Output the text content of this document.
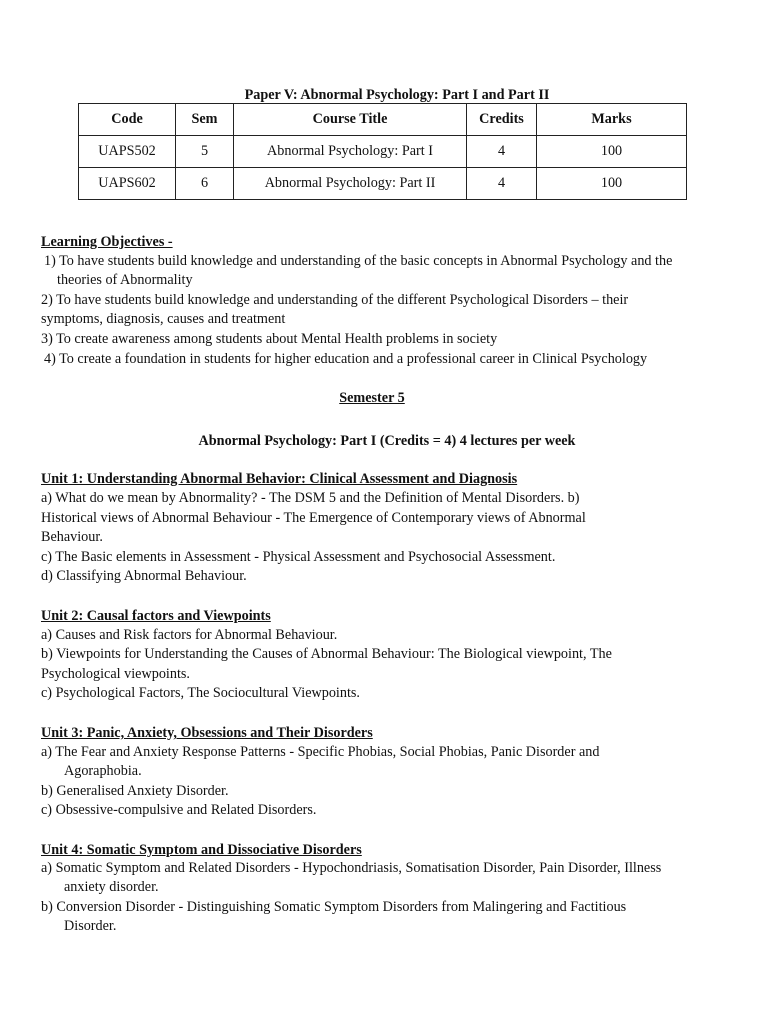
Paper V: Abnormal Psychology: Part I and Part II
Code	Sem	Course Title	Credits	Marks
UAPS502	5	Abnormal Psychology: Part I	4	100
UAPS602	6	Abnormal Psychology: Part II	4	100
Learning Objectives -
1) To have students build knowledge and understanding of the basic concepts in Abnormal Psychology and the
theories of Abnormality
2) To have students build knowledge and understanding of the different Psychological Disorders – their
symptoms, diagnosis, causes and treatment
3) To create awareness among students about Mental Health problems in society
4) To create a foundation in students for higher education and a professional career in Clinical Psychology
Semester 5
Abnormal Psychology: Part I (Credits = 4) 4 lectures per week
Unit 1: Understanding Abnormal Behavior: Clinical Assessment and Diagnosis
a) What do we mean by Abnormality? - The DSM 5 and the Definition of Mental Disorders. b)
Historical views of Abnormal Behaviour - The Emergence of Contemporary views of Abnormal
Behaviour.
c) The Basic elements in Assessment - Physical Assessment and Psychosocial Assessment.
d) Classifying Abnormal Behaviour.
Unit 2: Causal factors and Viewpoints
a) Causes and Risk factors for Abnormal Behaviour.
b) Viewpoints for Understanding the Causes of Abnormal Behaviour: The Biological viewpoint, The
Psychological viewpoints.
c) Psychological Factors, The Sociocultural Viewpoints.
Unit 3: Panic, Anxiety, Obsessions and Their Disorders
a) The Fear and Anxiety Response Patterns - Specific Phobias, Social Phobias, Panic Disorder and
Agoraphobia.
b) Generalised Anxiety Disorder.
c) Obsessive-compulsive and Related Disorders.
Unit 4: Somatic Symptom and Dissociative Disorders
a) Somatic Symptom and Related Disorders - Hypochondriasis, Somatisation Disorder, Pain Disorder, Illness
anxiety disorder.
b) Conversion Disorder - Distinguishing Somatic Symptom Disorders from Malingering and Factitious
Disorder.
